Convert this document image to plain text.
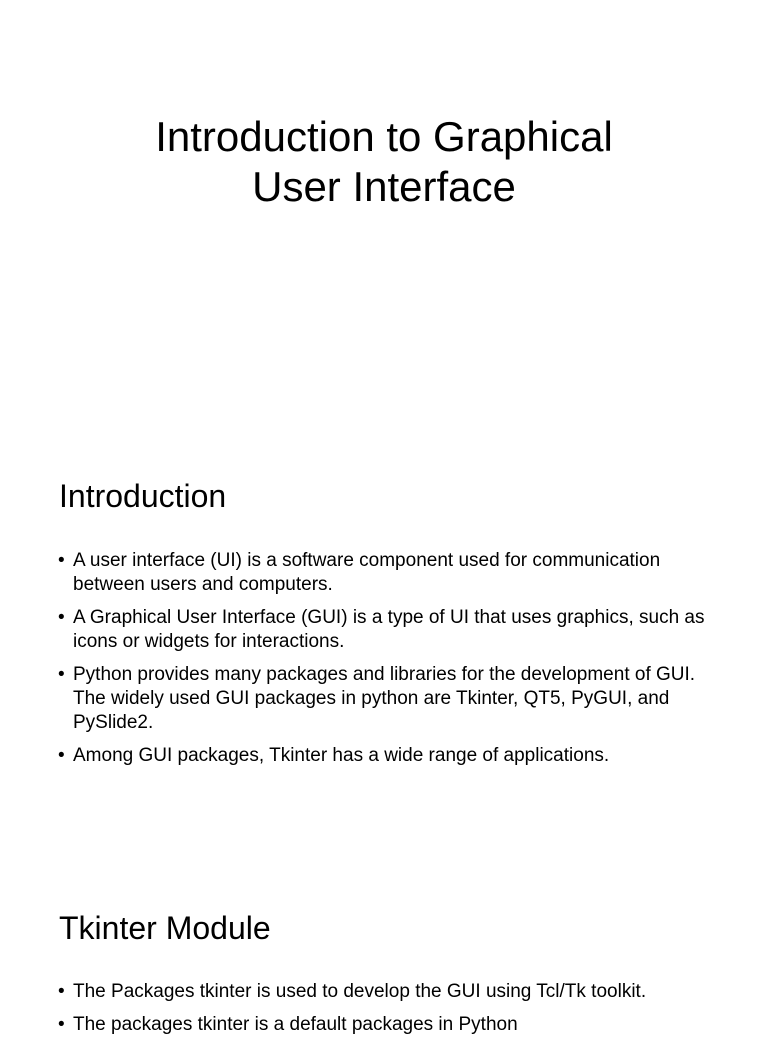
Introduction to Graphical
User Interface
Introduction
• A user interface (UI) is a software component used for communication between users and computers.
• A Graphical User Interface (GUI) is a type of UI that uses graphics, such as icons or widgets for interactions.
• Python provides many packages and libraries for the development of GUI. The widely used GUI packages in python are Tkinter, QT5, PyGUI, and PySlide2.
• Among GUI packages, Tkinter has a wide range of applications.
Tkinter Module
• The Packages tkinter is used to develop the GUI using Tcl/Tk toolkit.
• The packages tkinter is a default packages in Python
